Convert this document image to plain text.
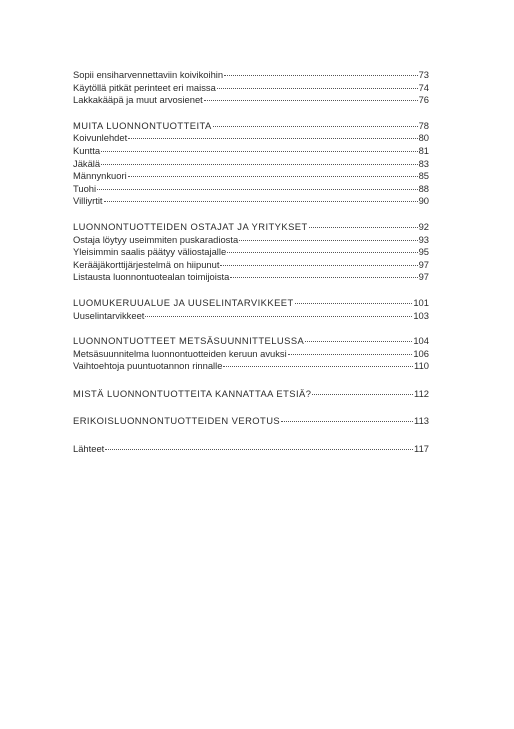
Sopii ensiharvennettaviin koivikoihin	73
Käytöllä pitkät perinteet eri maissa	74
Lakkakääpä ja muut arvosienet	76
MUITA LUONNONTUOTTEITA	78
Koivunlehdet	80
Kuntta	81
Jäkälä	83
Männynkuori	85
Tuohi	88
Villiyrtit	90
LUONNONTUOTTEIDEN OSTAJAT JA YRITYKSET	92
Ostaja löytyy useimmiten puskaradiosta	93
Yleisimmin saalis päätyy väliostajalle	95
Kerääjäkorttijärjestelmä on hiipunut	97
Listausta luonnontuotealan toimijoista	97
LUOMUKERUUALUE JA UUSELINTARVIKKEET	101
Uuselintarvikkeet	103
LUONNONTUOTTEET METSÄSUUNNITTELUSSA	104
Metsäsuunnitelma luonnontuotteiden keruun avuksi	106
Vaihtoehtoja puuntuotannon rinnalle	110
MISTÄ LUONNONTUOTTEITA KANNATTAA ETSIÄ?	112
ERIKOISLUONNONTUOTTEIDEN VEROTUS	113
Lähteet	117
